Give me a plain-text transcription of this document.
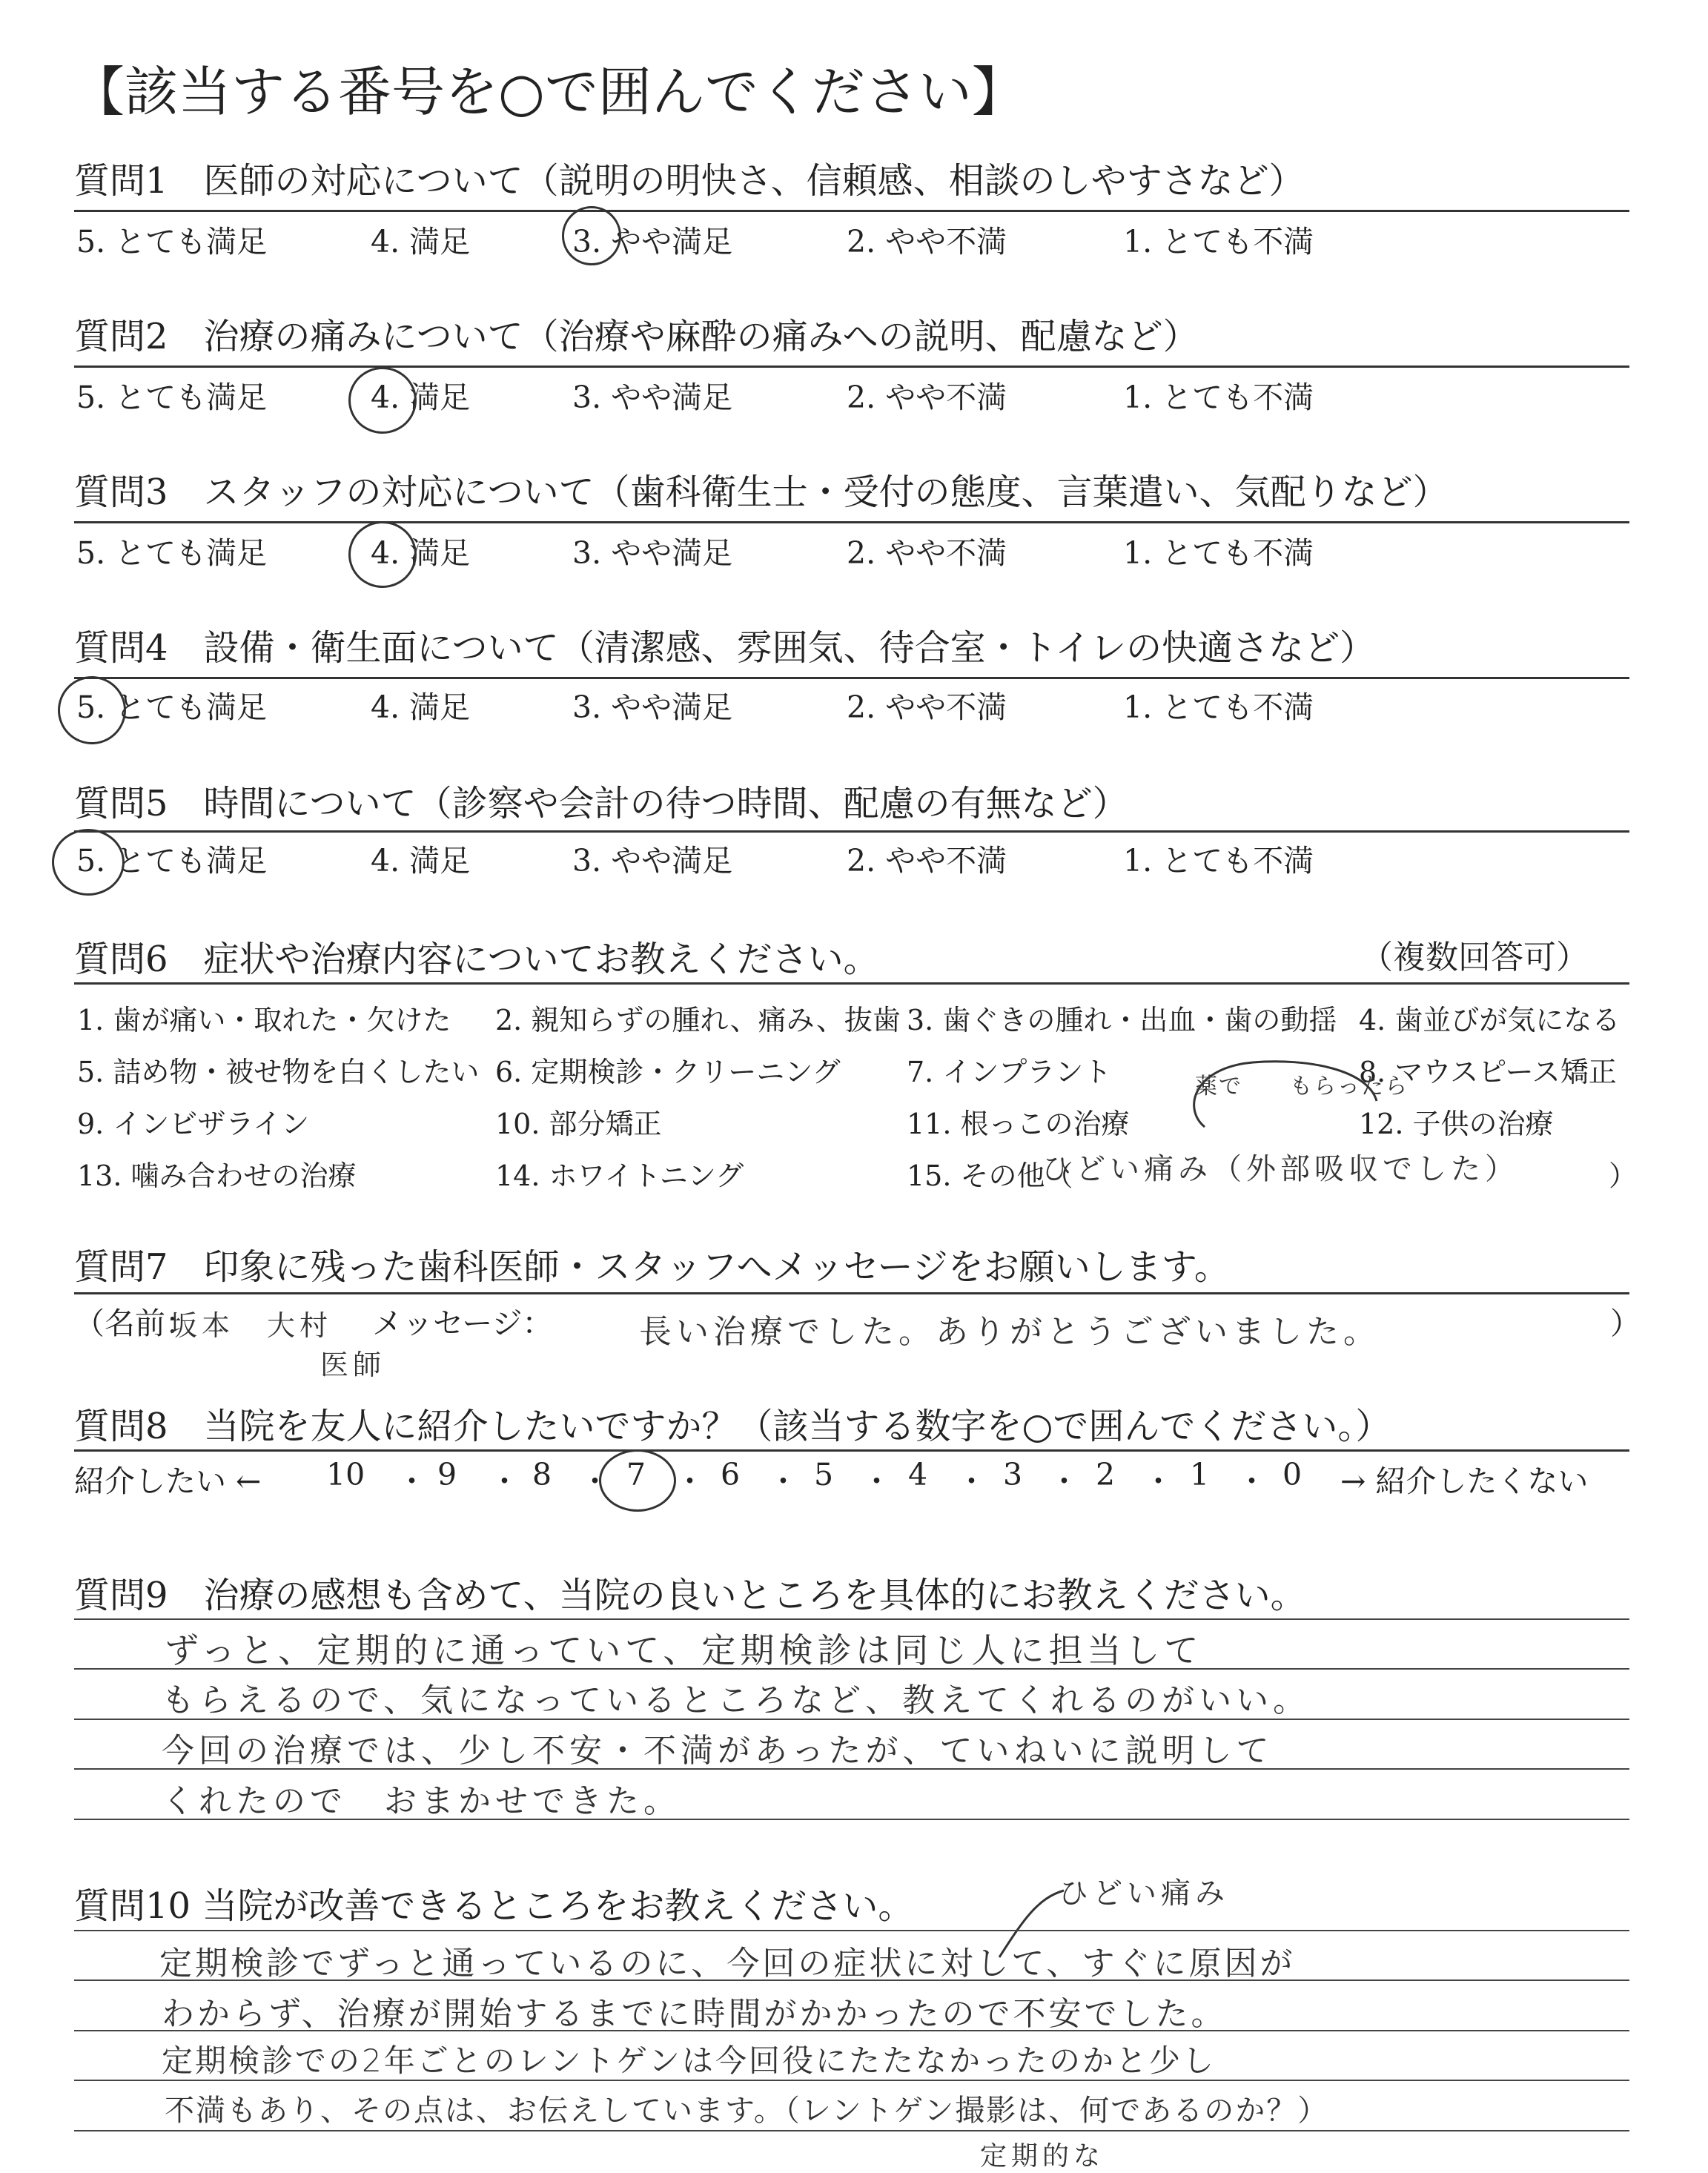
【該当する番号を○で囲んでください】
質問1　医師の対応について（説明の明快さ、信頼感、相談のしやすさなど）
5. とても満足	4. 満足	3. やや満足	2. やや不満	1. とても不満
質問2　治療の痛みについて（治療や麻酔の痛みへの説明、配慮など）
5. とても満足	4. 満足	3. やや満足	2. やや不満	1. とても不満
質問3　スタッフの対応について（歯科衛生士・受付の態度、言葉遣い、気配りなど）
5. とても満足	4. 満足	3. やや満足	2. やや不満	1. とても不満
質問4　設備・衛生面について（清潔感、雰囲気、待合室・トイレの快適さなど）
5. とても満足	4. 満足	3. やや満足	2. やや不満	1. とても不満
質問5　時間について（診察や会計の待つ時間、配慮の有無など）
5. とても満足	4. 満足	3. やや満足	2. やや不満	1. とても不満
質問6　症状や治療内容についてお教えください。	（複数回答可）
1. 歯が痛い・取れた・欠けた 2. 親知らずの腫れ、痛み、抜歯 3. 歯ぐきの腫れ・出血・歯の動揺 4. 歯並びが気になる
5. 詰め物・被せ物を白くしたい 6. 定期検診・クリーニング 7. インプラント	8. マウスピース矯正
9. インビザライン	10. 部分矯正	11. 根っこの治療	12. 子供の治療
13. 噛み合わせの治療	14. ホワイトニング	15. その他（	）
ひどい痛み（外部吸収でした）
薬で　　もらったら
質問7　印象に残った歯科医師・スタッフへメッセージをお願いします。
（名前：
坂本　大村
医師
メッセージ：	長い治療でした。ありがとうございました。	）
質問8　当院を友人に紹介したいですか？（該当する数字を○で囲んでください。）
紹介したい ← 10 ・ 9 ・ 8 ・ 7 ・ 6 ・ 5 ・ 4 ・ 3 ・ 2 ・ 1 ・ 0 → 紹介したくない
質問9　治療の感想も含めて、当院の良いところを具体的にお教えください。
ずっと、定期的に通っていて、定期検診は同じ人に担当して
もらえるので、気になっているところなど、教えてくれるのがいい。
今回の治療では、少し不安・不満があったが、ていねいに説明して
くれたので　おまかせできた。
質問10 当院が改善できるところをお教えください。	ひどい痛み
定期検診でずっと通っているのに、今回の症状に対して、すぐに原因が
わからず、治療が開始するまでに時間がかかったので不安でした。
定期検診での2年ごとのレントゲンは今回役にたたなかったのかと少し
不満もあり、その点は、お伝えしています。（レントゲン撮影は、何であるのか？）
定期的な
